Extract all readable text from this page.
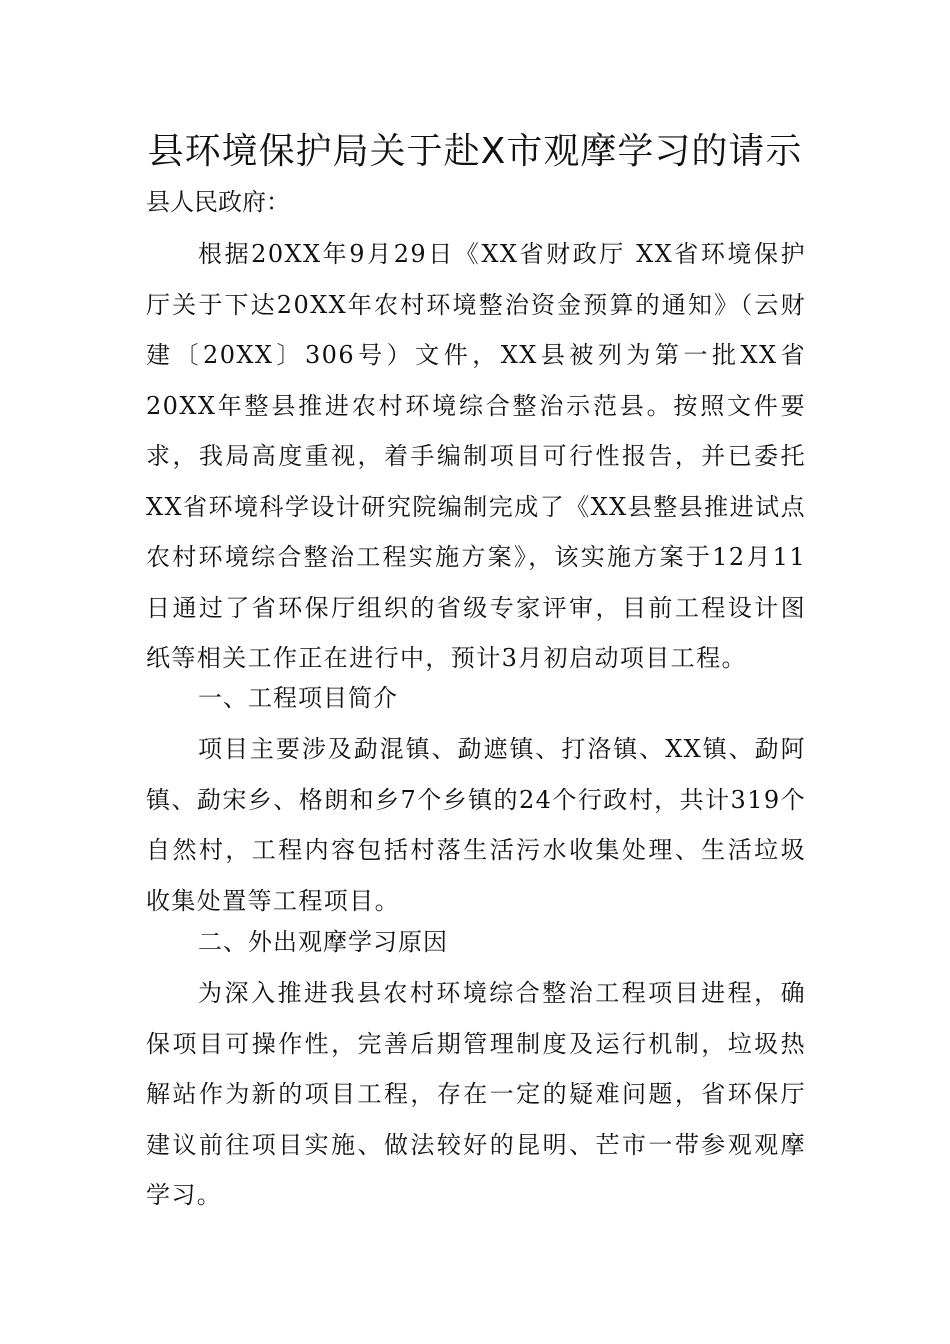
县环境保护局关于赴X市观摩学习的请示
县人民政府：
根据20XX年9月29日《XX省财政厅 XX省环境保护厅关于下达20XX年农村环境整治资金预算的通知》（云财建〔20XX〕306号）文件，XX县被列为第一批XX省20XX年整县推进农村环境综合整治示范县。按照文件要求，我局高度重视，着手编制项目可行性报告，并已委托XX省环境科学设计研究院编制完成了《XX县整县推进试点农村环境综合整治工程实施方案》，该实施方案于12月11日通过了省环保厅组织的省级专家评审，目前工程设计图纸等相关工作正在进行中，预计3月初启动项目工程。
一、工程项目简介
项目主要涉及勐混镇、勐遮镇、打洛镇、XX镇、勐阿镇、勐宋乡、格朗和乡7个乡镇的24个行政村，共计319个自然村，工程内容包括村落生活污水收集处理、生活垃圾收集处置等工程项目。
二、外出观摩学习原因
为深入推进我县农村环境综合整治工程项目进程，确保项目可操作性，完善后期管理制度及运行机制，垃圾热解站作为新的项目工程，存在一定的疑难问题，省环保厅建议前往项目实施、做法较好的昆明、芒市一带参观观摩学习。
